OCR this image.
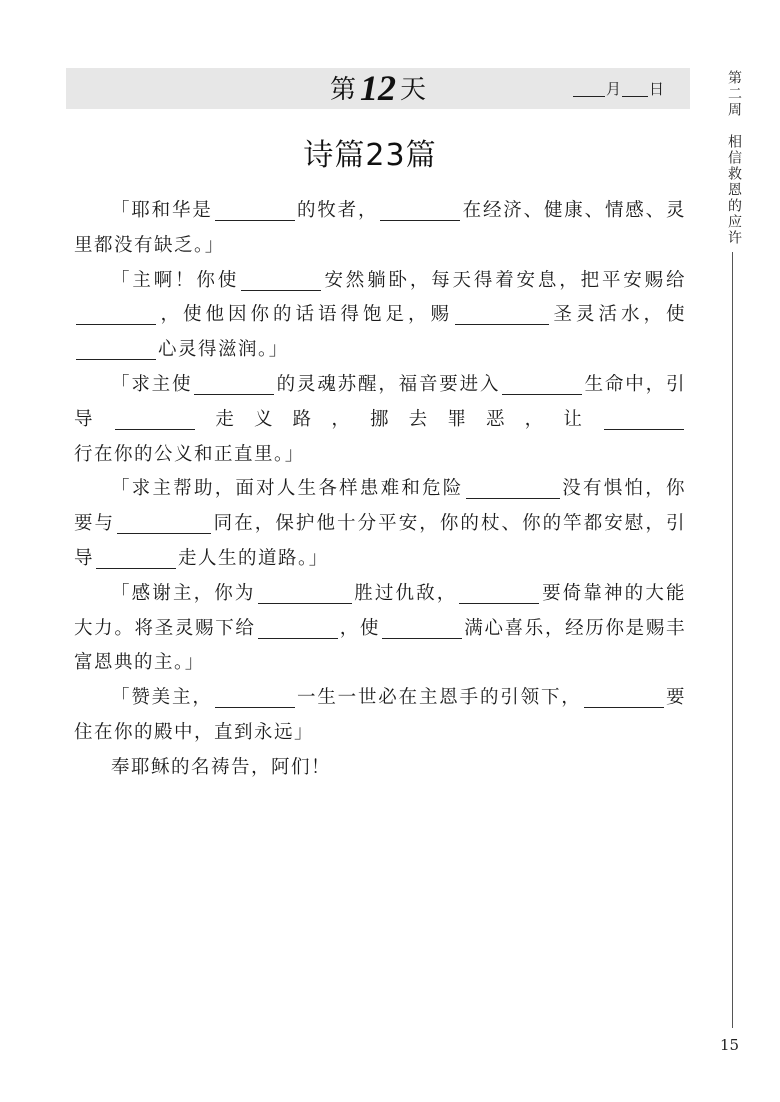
第 12 天	月 日
诗篇23篇

「耶和华是	的牧者，	在经济、健康、情感、灵里都没有缺乏。」

「主啊！你使	安然躺卧，每天得着安息，把平安赐给，使他因你的话语得饱足，赐	圣灵活水，使心灵得滋润。」

「求主使	的灵魂苏醒，福音要进入	生命中，引导	走义路，挪去罪恶，让行在你的公义和正直里。」

「求主帮助，面对人生各样患难和危险	没有惧怕，你要与	同在，保护他十分平安，你的杖、你的竿都安慰，引导	走人生的道路。」

「感谢主，你为	胜过仇敌，	要倚靠神的大能大力。将圣灵赐下给	，使	满心喜乐，经历你是赐丰富恩典的主。」

「赞美主，	一生一世必在主恩手的引领下，	要住在你的殿中，直到永远」

奉耶稣的名祷告，阿们！

第二周相信救恩的应许
15
